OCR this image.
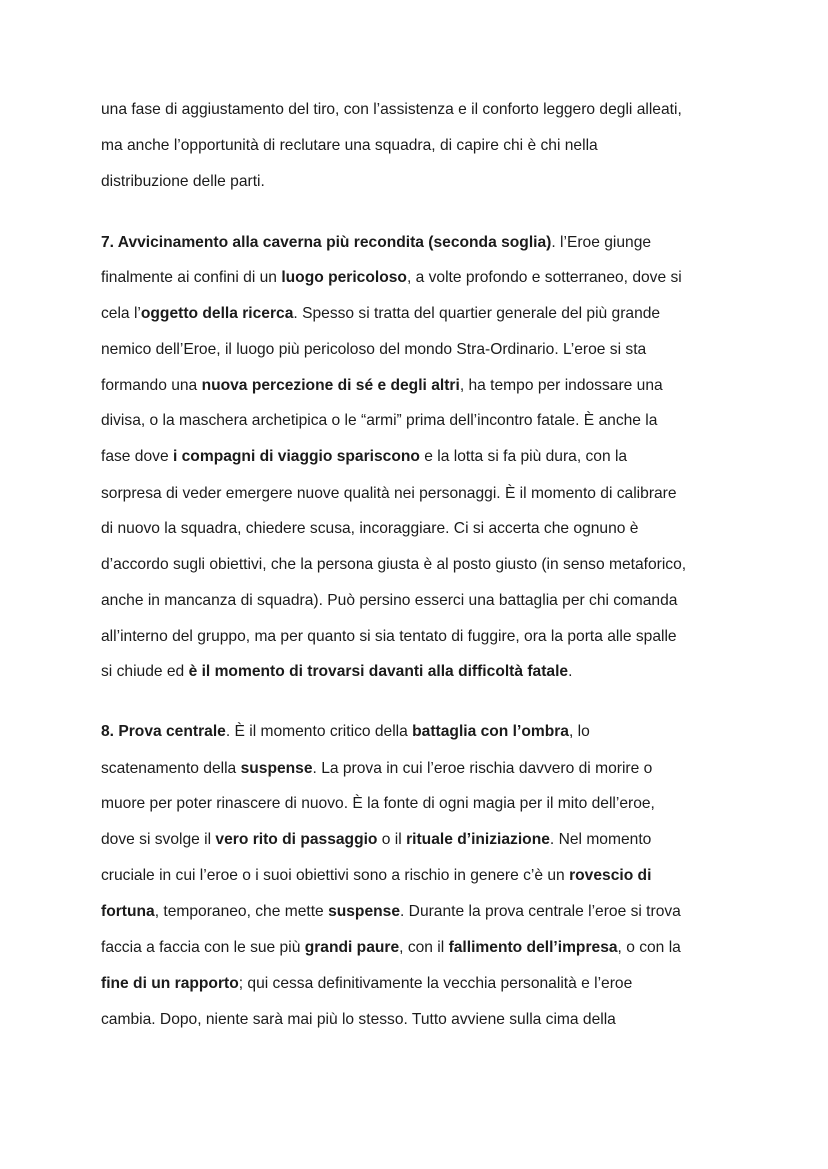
una fase di aggiustamento del tiro, con l’assistenza e il conforto leggero degli alleati,

ma anche l’opportunità di reclutare una squadra, di capire chi è chi nella

distribuzione delle parti.

7. Avvicinamento alla caverna più recondita (seconda soglia). l’Eroe giunge

finalmente ai confini di un luogo pericoloso, a volte profondo e sotterraneo, dove si

cela l’oggetto della ricerca. Spesso si tratta del quartier generale del più grande

nemico dell’Eroe, il luogo più pericoloso del mondo Stra-Ordinario. L’eroe si sta

formando una nuova percezione di sé e degli altri, ha tempo per indossare una

divisa, o la maschera archetipica o le “armi” prima dell’incontro fatale. È anche la

fase dove i compagni di viaggio spariscono e la lotta si fa più dura, con la

sorpresa di veder emergere nuove qualità nei personaggi. È il momento di calibrare

di nuovo la squadra, chiedere scusa, incoraggiare. Ci si accerta che ognuno è

d’accordo sugli obiettivi, che la persona giusta è al posto giusto (in senso metaforico,

anche in mancanza di squadra). Può persino esserci una battaglia per chi comanda

all’interno del gruppo, ma per quanto si sia tentato di fuggire, ora la porta alle spalle

si chiude ed è il momento di trovarsi davanti alla difficoltà fatale.

8. Prova centrale. È il momento critico della battaglia con l’ombra, lo

scatenamento della suspense. La prova in cui l’eroe rischia davvero di morire o

muore per poter rinascere di nuovo. È la fonte di ogni magia per il mito dell’eroe,

dove si svolge il vero rito di passaggio o il rituale d’iniziazione. Nel momento

cruciale in cui l’eroe o i suoi obiettivi sono a rischio in genere c’è un rovescio di

fortuna, temporaneo, che mette suspense. Durante la prova centrale l’eroe si trova

faccia a faccia con le sue più grandi paure, con il fallimento dell’impresa, o con la

fine di un rapporto; qui cessa definitivamente la vecchia personalità e l’eroe

cambia. Dopo, niente sarà mai più lo stesso. Tutto avviene sulla cima della
